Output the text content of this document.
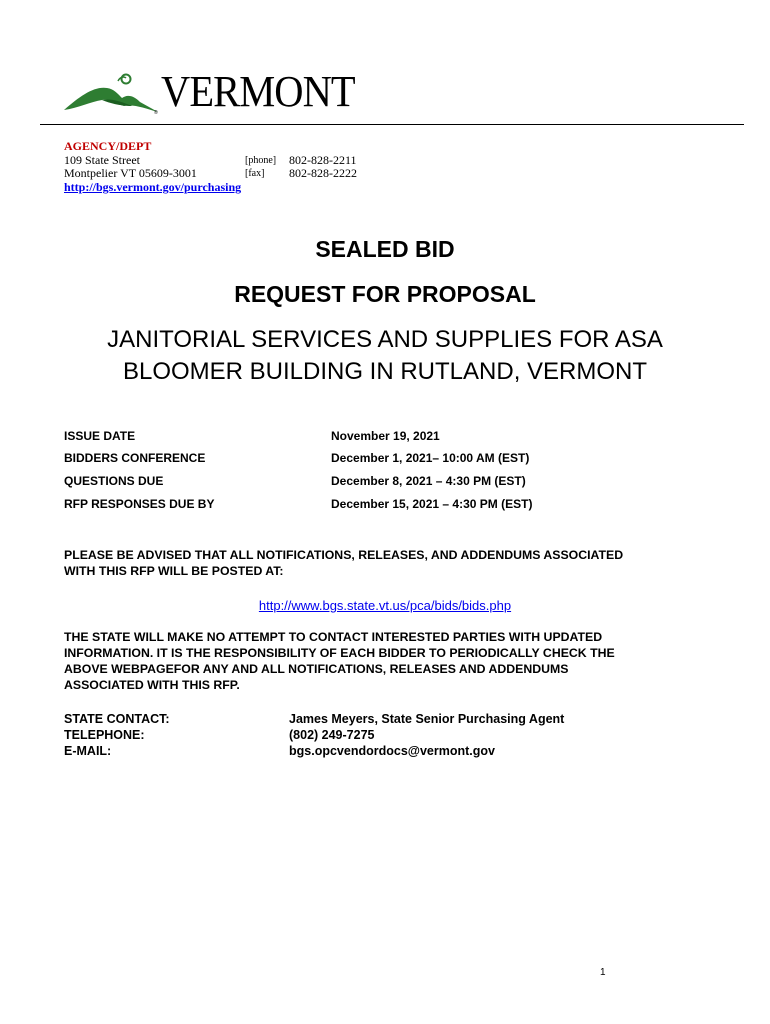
® VERMONT
AGENCY/DEPT
109 State Street
Montpelier VT 05609-3001
[phone] 802-828-2211
[fax] 802-828-2222
http://bgs.vermont.gov/purchasing
SEALED BID
REQUEST FOR PROPOSAL
JANITORIAL SERVICES AND SUPPLIES FOR ASA
BLOOMER BUILDING IN RUTLAND, VERMONT
ISSUE DATE	November 19, 2021
BIDDERS CONFERENCE	December 1, 2021– 10:00 AM (EST)
QUESTIONS DUE	December 8, 2021 – 4:30 PM (EST)
RFP RESPONSES DUE BY	December 15, 2021 – 4:30 PM (EST)
PLEASE BE ADVISED THAT ALL NOTIFICATIONS, RELEASES, AND ADDENDUMS ASSOCIATED
WITH THIS RFP WILL BE POSTED AT:
http://www.bgs.state.vt.us/pca/bids/bids.php
THE STATE WILL MAKE NO ATTEMPT TO CONTACT INTERESTED PARTIES WITH UPDATED
INFORMATION. IT IS THE RESPONSIBILITY OF EACH BIDDER TO PERIODICALLY CHECK THE
ABOVE WEBPAGEFOR ANY AND ALL NOTIFICATIONS, RELEASES AND ADDENDUMS
ASSOCIATED WITH THIS RFP.
STATE CONTACT:	James Meyers, State Senior Purchasing Agent
TELEPHONE:	(802) 249-7275
E-MAIL:	bgs.opcvendordocs@vermont.gov
1
